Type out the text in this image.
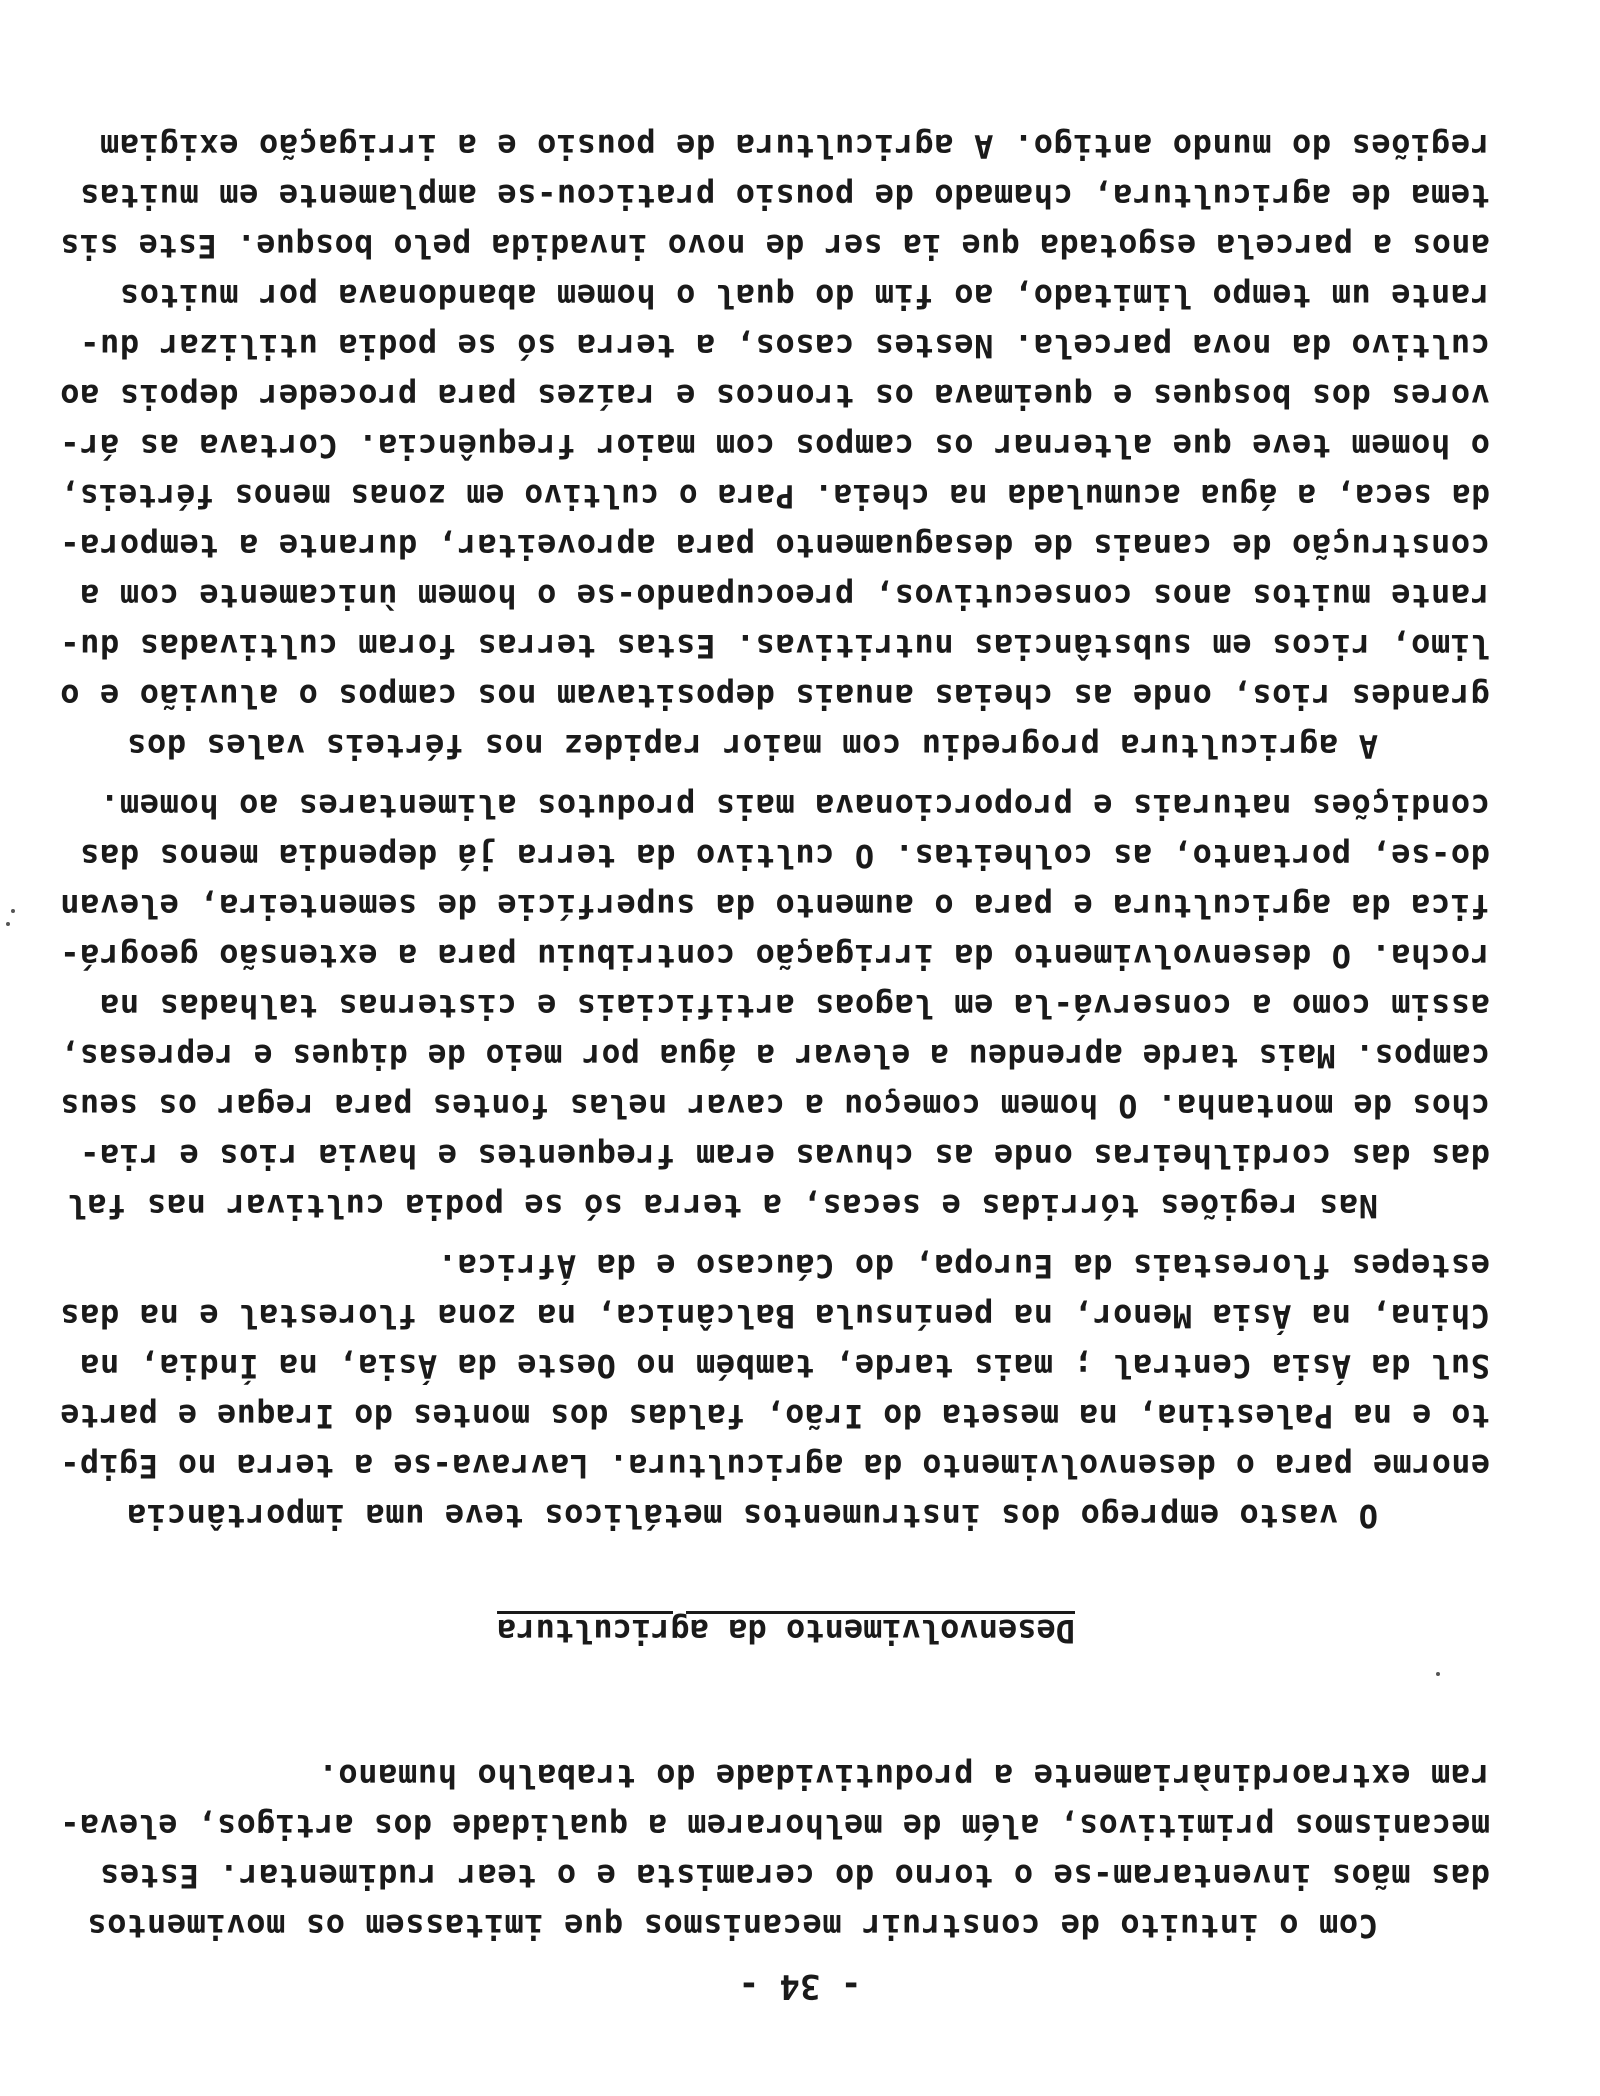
- 34 -
Com o intuito de construir mecanismos que imitassem os movimentos
das mãos inventaram-se o torno do ceramista e o tear rudimentar. Estes
mecanismos primitivos, além de melhorarem a qualidade dos artigos, eleva-
ram extraordinàriamente a produtividade do trabalho humano.
Desenvolvimento da agricultura
O vasto emprego dos instrumentos metálicos teve uma importância
enorme para o desenvolvimento da agricultura. Lavrava-se a terra no Egip-
to e na Palestina, na meseta do Irão, faldas dos montes do Iraque e parte
Sul da Ásia Central ; mais tarde, também no Oeste da Ásia, na Índia, na
China, na Ásia Menor, na península Balcânica, na zona florestal e na das
estepes florestais da Europa, do Cáucaso e da África.
Nas regiões tórridas e secas, a terra só se podia cultivar nas fal
das das cordilheiras onde as chuvas eram frequentes e havia rios e ria-
chos de montanha. O homem começou a cavar nelas fontes para regar os seus
campos. Mais tarde aprendeu a elevar a água por meio de diques e represas,
assim como a conservá-la em lagoas artificiais e cisternas talhadas na
rocha. O desenvolvimento da irrigação contribuiu para a extensão geográ-
fica da agricultura e para o aumento da superfície de sementeira, elevan
do-se, portanto, as colheitas. O cultivo da terra já dependia menos das
condições naturais e proporcionava mais produtos alimentares ao homem.
A agricultura progrediu com maior rapidez nos férteis vales dos
grandes rios, onde as cheias anuais depositavam nos campos o aluvião e o
limo, ricos em substâncias nutritivas. Estas terras foram cultivadas du-
rante muitos anos consecutivos, preocupando-se o homem ùnicamente com a
construção de canais de desaguamento para aproveitar, durante a tempora-
da seca, a água acumulada na cheia. Para o cultivo em zonas menos férteis,
o homem teve que alternar os campos com maior frequência. Cortava as ár-
vores dos bosques e queimava os troncos e raízes para proceder depois ao
cultivo da nova parcela. Nestes casos, a terra só se podia utilizar du-
rante um tempo limitado, ao fim do qual o homem abandonava por muitos
anos a parcela esgotada que ia ser de novo invadida pelo bosque. Este sis
tema de agricultura, chamado de pousio praticou-se amplamente em muitas
regiões do mundo antigo. A agricultura de pousio e a irrigação exigiam
